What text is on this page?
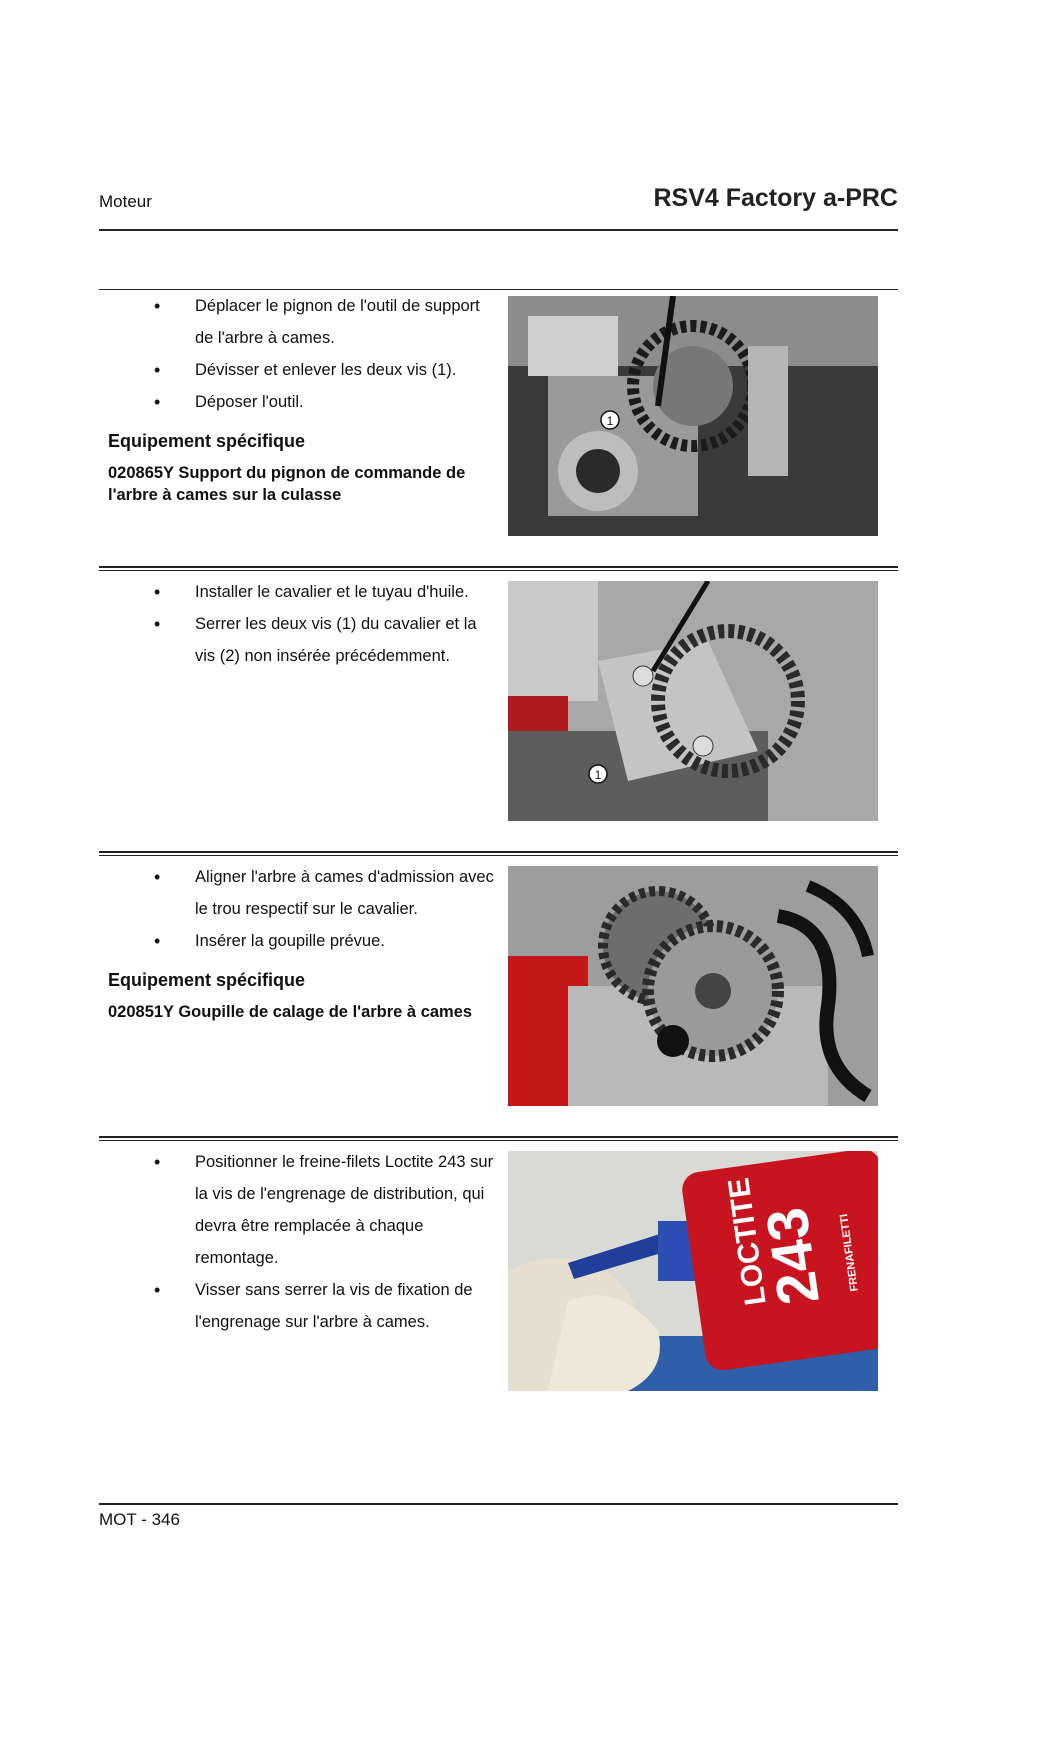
Moteur	RSV4 Factory a-PRC
• Déplacer le pignon de l'outil de support de l'arbre à cames.
• Dévisser et enlever les deux vis (1).
• Déposer l'outil.
Equipement spécifique
020865Y Support du pignon de commande de l'arbre à cames sur la culasse
1
• Installer le cavalier et le tuyau d'huile.
• Serrer les deux vis (1) du cavalier et la vis (2) non insérée précédemment.
1
• Aligner l'arbre à cames d'admission avec le trou respectif sur le cavalier.
• Insérer la goupille prévue.
Equipement spécifique
020851Y Goupille de calage de l'arbre à cames
• Positionner le freine-filets Loctite 243 sur la vis de l'engrenage de distribution, qui devra être remplacée à chaque remontage.
• Visser sans serrer la vis de fixation de l'engrenage sur l'arbre à cames.
LOCTITE
243 FRENAFILETTI
MOT - 346
